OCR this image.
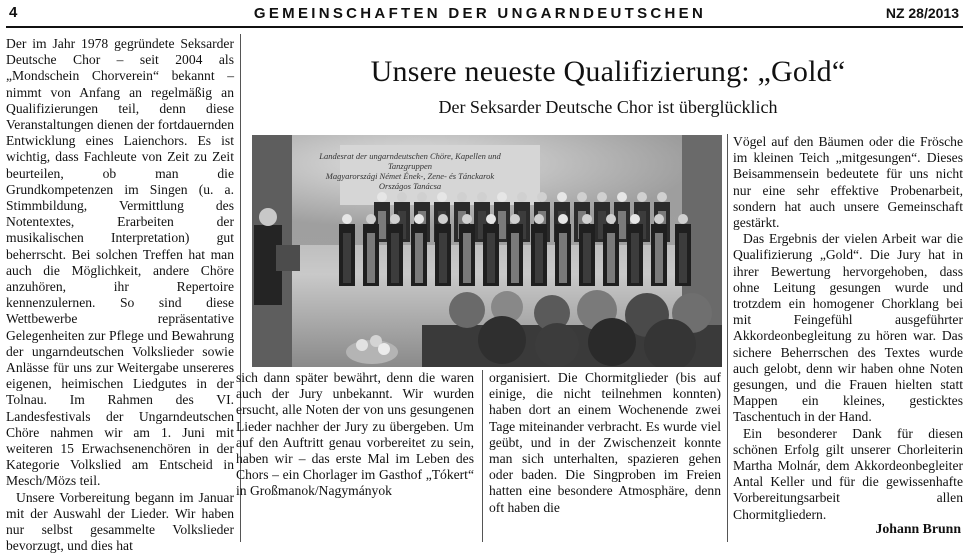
4	GEMEINSCHAFTEN DER UNGARNDEUTSCHEN	NZ 28/2013

Der im Jahr 1978 gegründete Seksarder Deutsche Chor – seit 2004 als „Mondschein Chorverein“ bekannt – nimmt von Anfang an regelmäßig an Qualifizierungen teil, denn diese Veranstaltungen dienen der fortdauernden Entwicklung eines Laienchors. Es ist wichtig, dass Fachleute von Zeit zu Zeit beurteilen, ob man die Grundkompetenzen im Singen (u. a. Stimmbildung, Vermittlung des Notentextes, Erarbeiten der musikalischen Interpretation) gut beherrscht. Bei solchen Treffen hat man auch die Möglichkeit, andere Chöre anzuhören, ihr Repertoire kennenzulernen. So sind diese Wettbewerbe repräsentative Gelegenheiten zur Pflege und Bewahrung der ungarndeutschen Volkslieder sowie Anlässe für uns zur Weitergabe unsereres eigenen, heimischen Liedgutes in der Tolnau. Im Rahmen des VI. Landesfestivals der Ungarndeutschen Chöre nahmen wir am 1. Juni mit weiteren 15 Erwachsenenchören in der Kategorie Volkslied am Entscheid in Mesch/Mözs teil.

Unsere Vorbereitung begann im Januar mit der Auswahl der Lieder. Wir haben nur selbst gesammelte Volkslieder bevorzugt, und dies hat

Unsere neueste Qualifizierung: „Gold“
Der Seksarder Deutsche Chor ist überglücklich
Landesrat der ungarndeutschen Chöre, Kapellen und
Tanzgruppen
Magyarországi Német Ének-, Zene- és Tánckarok
Országos Tanácsa

sich dann später bewährt, denn die waren auch der Jury unbekannt. Wir wurden ersucht, alle Noten der von uns gesungenen Lieder nachher der Jury zu übergeben. Um auf den Auftritt genau vorbereitet zu sein, haben wir – das erste Mal im Leben des Chors – ein Chorlager im Gasthof „Tókert“ in Großmanok/Nagymányok

organisiert. Die Chormitglieder (bis auf einige, die nicht teilnehmen konnten) haben dort an einem Wochenende zwei Tage miteinander verbracht. Es wurde viel geübt, und in der Zwischenzeit konnte man sich unterhalten, spazieren gehen oder baden. Die Singproben im Freien hatten eine besondere Atmosphäre, denn oft haben die

Vögel auf den Bäumen oder die Frösche im kleinen Teich „mitgesungen“. Dieses Beisammensein bedeutete für uns nicht nur eine sehr effektive Probenarbeit, sondern hat auch unsere Gemeinschaft gestärkt.

Das Ergebnis der vielen Arbeit war die Qualifizierung „Gold“. Die Jury hat in ihrer Bewertung hervorgehoben, dass ohne Leitung gesungen wurde und trotzdem ein homogener Chorklang bei mit Feingefühl ausgeführter Akkordeonbegleitung zu hören war. Das sichere Beherrschen des Textes wurde auch gelobt, denn wir haben ohne Noten gesungen, und die Frauen hielten statt Mappen ein kleines, gesticktes Taschentuch in der Hand.

Ein besonderer Dank für diesen schönen Erfolg gilt unserer Chorleiterin Martha Molnár, dem Akkordeonbegleiter Antal Keller und für die gewissenhafte Vorbereitungsarbeit allen Chormitgliedern.

Johann Brunn
